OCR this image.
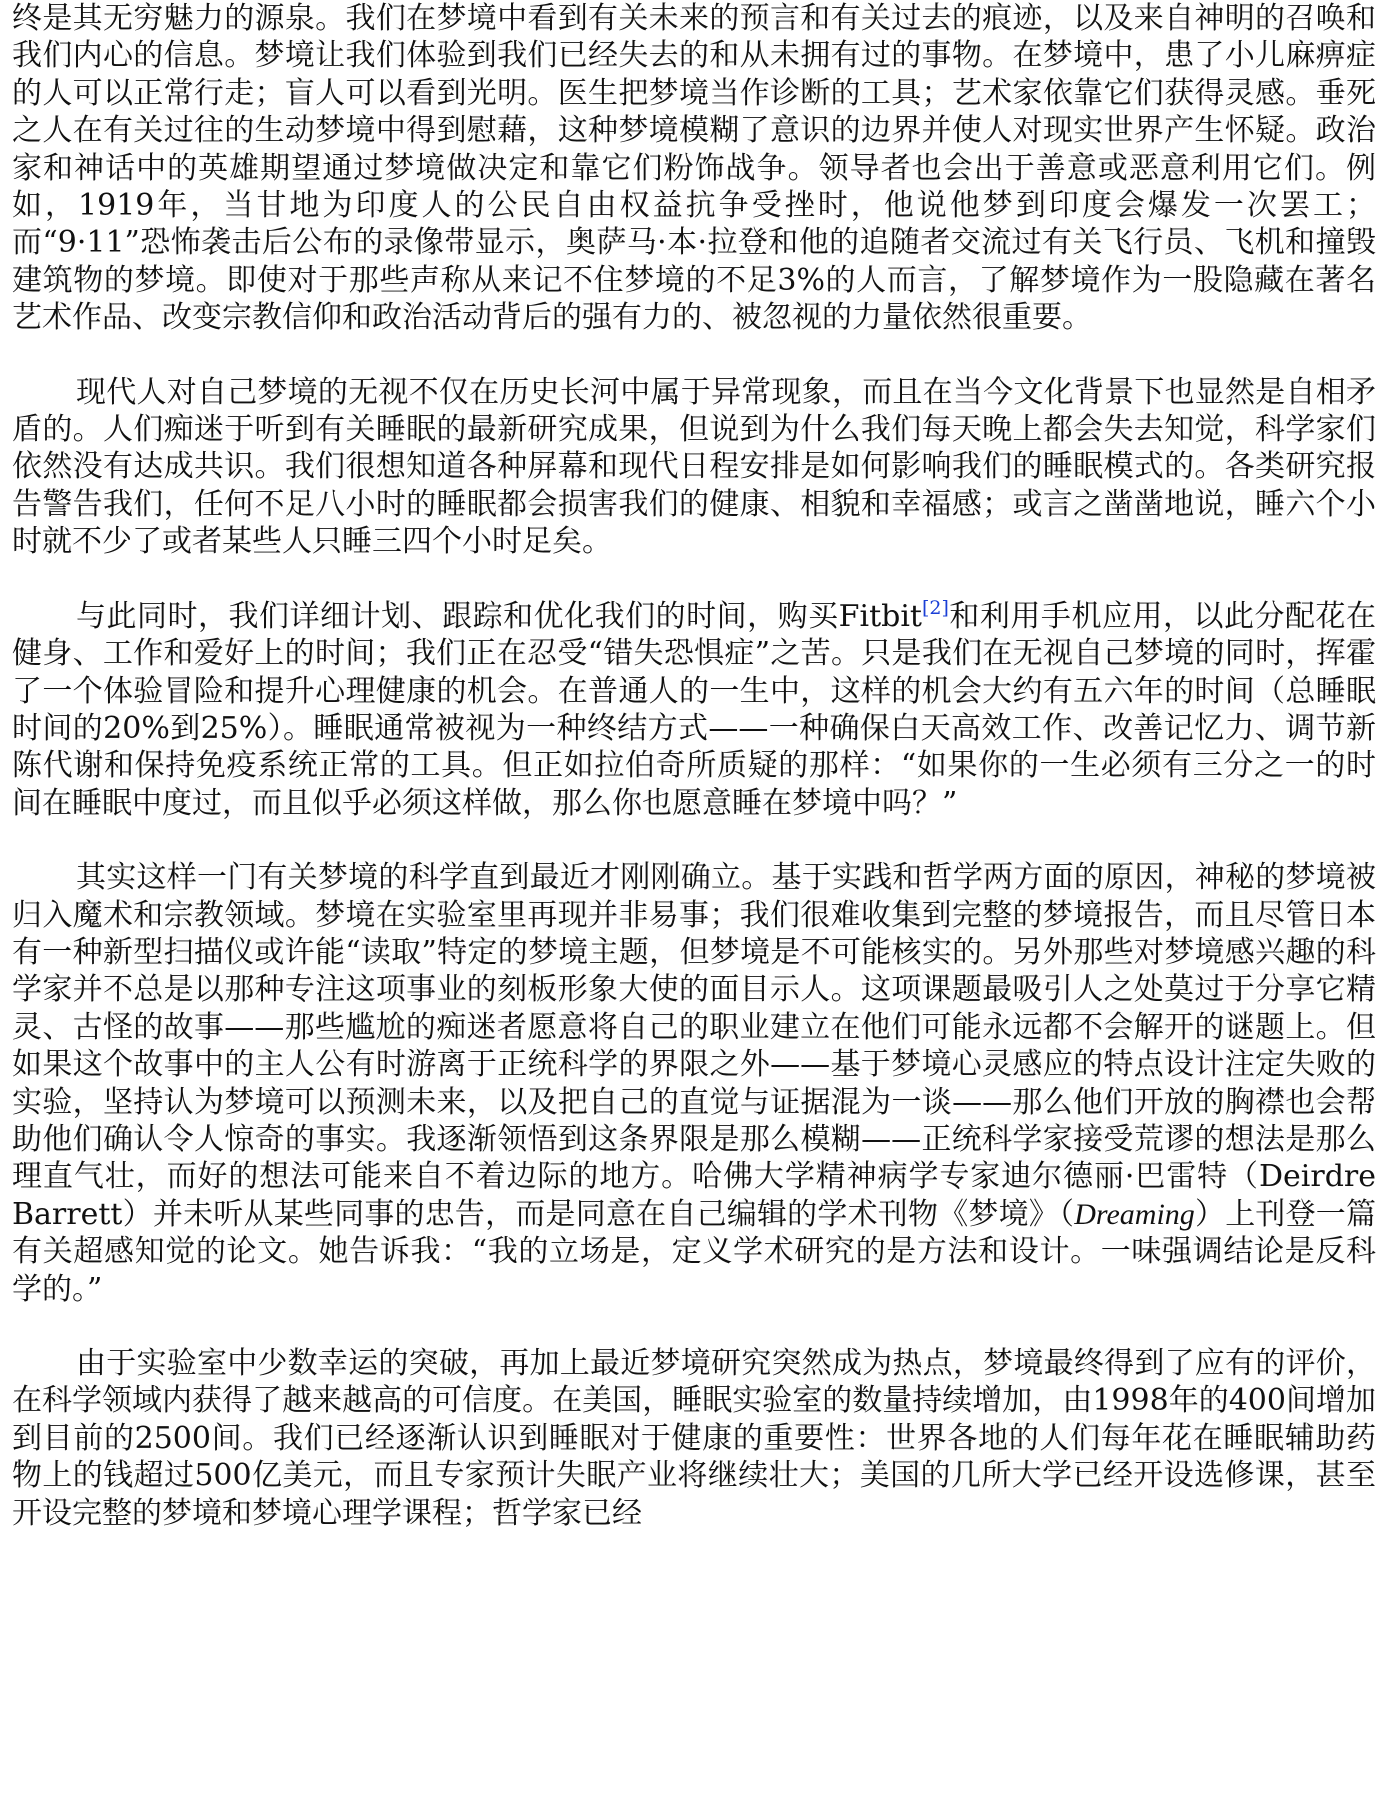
终是其无穷魅力的源泉。我们在梦境中看到有关未来的预言和有关过去的痕迹，以及来自神明的召唤和我们内心的信息。梦境让我们体验到我们已经失去的和从未拥有过的事物。在梦境中，患了小儿麻痹症的人可以正常行走；盲人可以看到光明。医生把梦境当作诊断的工具；艺术家依靠它们获得灵感。垂死之人在有关过往的生动梦境中得到慰藉，这种梦境模糊了意识的边界并使人对现实世界产生怀疑。政治家和神话中的英雄期望通过梦境做决定和靠它们粉饰战争。领导者也会出于善意或恶意利用它们。例如，1919年，当甘地为印度人的公民自由权益抗争受挫时，他说他梦到印度会爆发一次罢工；而“9·11”恐怖袭击后公布的录像带显示，奥萨马·本·拉登和他的追随者交流过有关飞行员、飞机和撞毁建筑物的梦境。即使对于那些声称从来记不住梦境的不足3%的人而言，了解梦境作为一股隐藏在著名艺术作品、改变宗教信仰和政治活动背后的强有力的、被忽视的力量依然很重要。

现代人对自己梦境的无视不仅在历史长河中属于异常现象，而且在当今文化背景下也显然是自相矛盾的。人们痴迷于听到有关睡眠的最新研究成果，但说到为什么我们每天晚上都会失去知觉，科学家们依然没有达成共识。我们很想知道各种屏幕和现代日程安排是如何影响我们的睡眠模式的。各类研究报告警告我们，任何不足八小时的睡眠都会损害我们的健康、相貌和幸福感；或言之凿凿地说，睡六个小时就不少了或者某些人只睡三四个小时足矣。

与此同时，我们详细计划、跟踪和优化我们的时间，购买Fitbit[2]和利用手机应用，以此分配花在健身、工作和爱好上的时间；我们正在忍受“错失恐惧症”之苦。只是我们在无视自己梦境的同时，挥霍了一个体验冒险和提升心理健康的机会。在普通人的一生中，这样的机会大约有五六年的时间（总睡眠时间的20%到25%）。睡眠通常被视为一种终结方式——一种确保白天高效工作、改善记忆力、调节新陈代谢和保持免疫系统正常的工具。但正如拉伯奇所质疑的那样：“如果你的一生必须有三分之一的时间在睡眠中度过，而且似乎必须这样做，那么你也愿意睡在梦境中吗？”

其实这样一门有关梦境的科学直到最近才刚刚确立。基于实践和哲学两方面的原因，神秘的梦境被归入魔术和宗教领域。梦境在实验室里再现并非易事；我们很难收集到完整的梦境报告，而且尽管日本有一种新型扫描仪或许能“读取”特定的梦境主题，但梦境是不可能核实的。另外那些对梦境感兴趣的科学家并不总是以那种专注这项事业的刻板形象大使的面目示人。这项课题最吸引人之处莫过于分享它精灵、古怪的故事——那些尴尬的痴迷者愿意将自己的职业建立在他们可能永远都不会解开的谜题上。但如果这个故事中的主人公有时游离于正统科学的界限之外——基于梦境心灵感应的特点设计注定失败的实验，坚持认为梦境可以预测未来，以及把自己的直觉与证据混为一谈——那么他们开放的胸襟也会帮助他们确认令人惊奇的事实。我逐渐领悟到这条界限是那么模糊——正统科学家接受荒谬的想法是那么理直气壮，而好的想法可能来自不着边际的地方。哈佛大学精神病学专家迪尔德丽·巴雷特（Deirdre Barrett）并未听从某些同事的忠告，而是同意在自己编辑的学术刊物《梦境》（Dreaming）上刊登一篇有关超感知觉的论文。她告诉我：“我的立场是，定义学术研究的是方法和设计。一味强调结论是反科学的。”

由于实验室中少数幸运的突破，再加上最近梦境研究突然成为热点，梦境最终得到了应有的评价，在科学领域内获得了越来越高的可信度。在美国，睡眠实验室的数量持续增加，由1998年的400间增加到目前的2500间。我们已经逐渐认识到睡眠对于健康的重要性：世界各地的人们每年花在睡眠辅助药物上的钱超过500亿美元，而且专家预计失眠产业将继续壮大；美国的几所大学已经开设选修课，甚至开设完整的梦境和梦境心理学课程；哲学家已经
